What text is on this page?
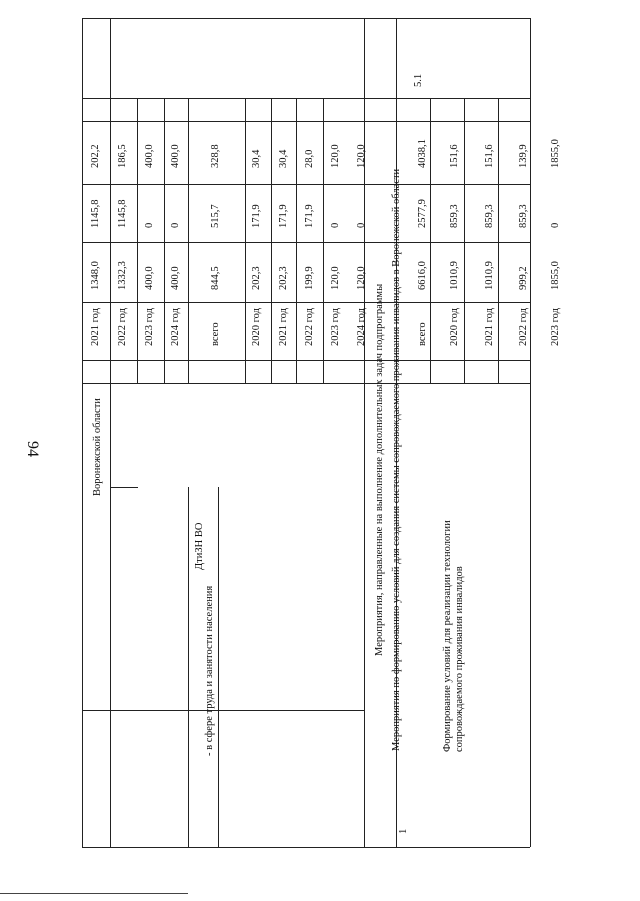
94	Воронежской области
2021 год
1348,0
1145,8
202,2
2022 год
1332,3
1145,8
186,5
2023 год
400,0
0
400,0
2024 год
400,0
0
400,0
- в сфере труда и занятости населения
ДтиЗН ВО
всего
844,5
515,7
328,8
2020 год
202,3
171,9
30,4
2021 год
202,3
171,9
30,4
2022 год
199,9
171,9
28,0
2023 год
120,0
0
120,0
2024 год
120,0
0
120,0
Мероприятия, направленные на выполнение дополнительных задач подпрограммы Мероприятия по формированию условий для создания системы сопровождаемого проживания инвалидов в Воронежской области
1
Формирование условий для реализации технологии сопровождаемого проживания инвалидов
5.1
всего
6616,0
2577,9
4038,1
2020 год
1010,9
859,3
151,6
2021 год
1010,9
859,3
151,6
2022 год
999,2
859,3
139,9
2023 год
1855,0
0
1855,0
